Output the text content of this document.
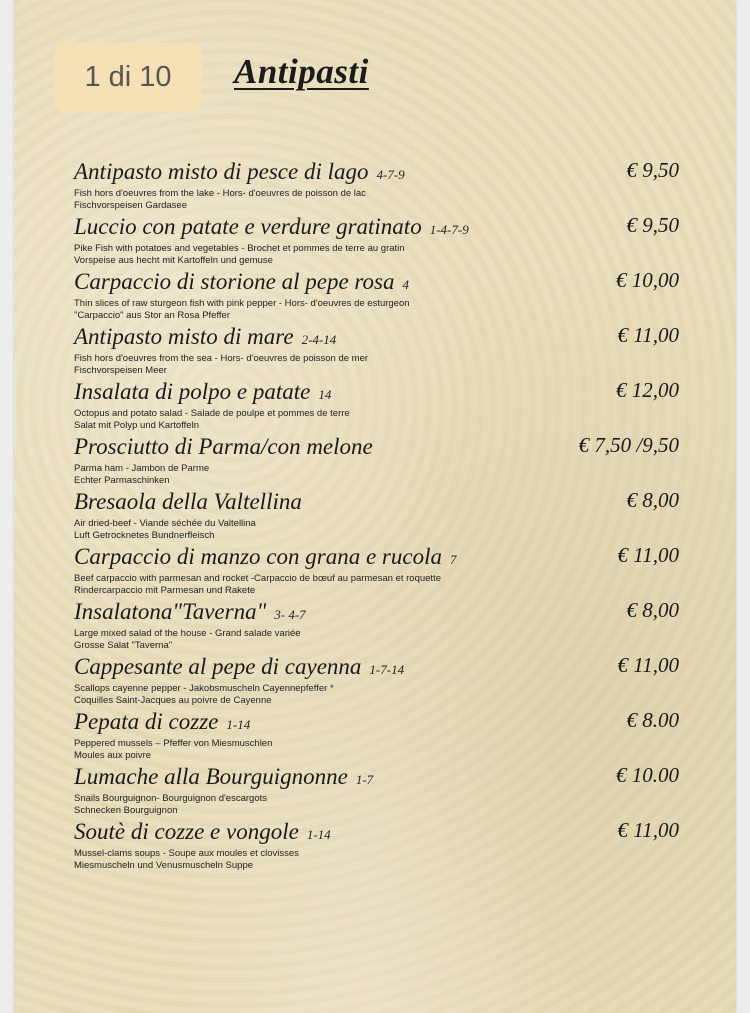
1 di 10	Antipasti
Antipasto misto di pesce di lago 4-7-9	€ 9,50
Fish hors d'oeuvres from the lake - Hors- d'oeuvres de poisson de lac
Fischvorspeisen Gardasee
Luccio con patate e verdure gratinato 1-4-7-9	€ 9,50
Pike Fish with potatoes and vegetables - Brochet et pommes de terre au gratin
Vorspeise aus hecht mit Kartoffeln und gemuse
Carpaccio di storione al pepe rosa 4	€ 10,00
Thin slices of raw sturgeon fish with pink pepper - Hors- d'oeuvres de esturgeon
"Carpaccio" aus Stor an Rosa Pfeffer
Antipasto misto di mare 2-4-14	€ 11,00
Fish hors d'oeuvres from the sea - Hors- d'oeuvres de poisson de mer
Fischvorspeisen Meer
Insalata di polpo e patate 14	€ 12,00
Octopus and potato salad - Salade de poulpe et pommes de terre
Salat mit Polyp und Kartoffeln
Prosciutto di Parma/con melone	€ 7,50 /9,50
Parma ham - Jambon de Parme
Echter Parmaschinken
Bresaola della Valtellina	€ 8,00
Air dried-beef - Viande séchée du Valtellina
Luft Getrocknetes Bundnerfleisch
Carpaccio di manzo con grana e rucola 7	€ 11,00
Beef carpaccio with parmesan and rocket -Carpaccio de bœuf au parmesan et roquette
Rindercarpaccio mit Parmesan und Rakete
Insalatona"Taverna" 3- 4-7	€ 8,00
Large mixed salad of the house - Grand salade variée
Grosse Salat "Taverna"
Cappesante al pepe di cayenna 1-7-14	€ 11,00
Scallops cayenne pepper - Jakobsmuscheln Cayennepfeffer *
Coquilles Saint-Jacques au poivre de Cayenne
Pepata di cozze 1-14	€ 8.00
Peppered mussels – Pfeffer von Miesmuschlen
Moules aux poivre
Lumache alla Bourguignonne 1-7	€ 10.00
Snails Bourguignon- Bourguignon d'escargots
Schnecken Bourguignon
Soutè di cozze e vongole 1-14	€ 11,00
Mussel-clams soups - Soupe aux moules et clovisses
Miesmuscheln und Venusmuscheln Suppe
